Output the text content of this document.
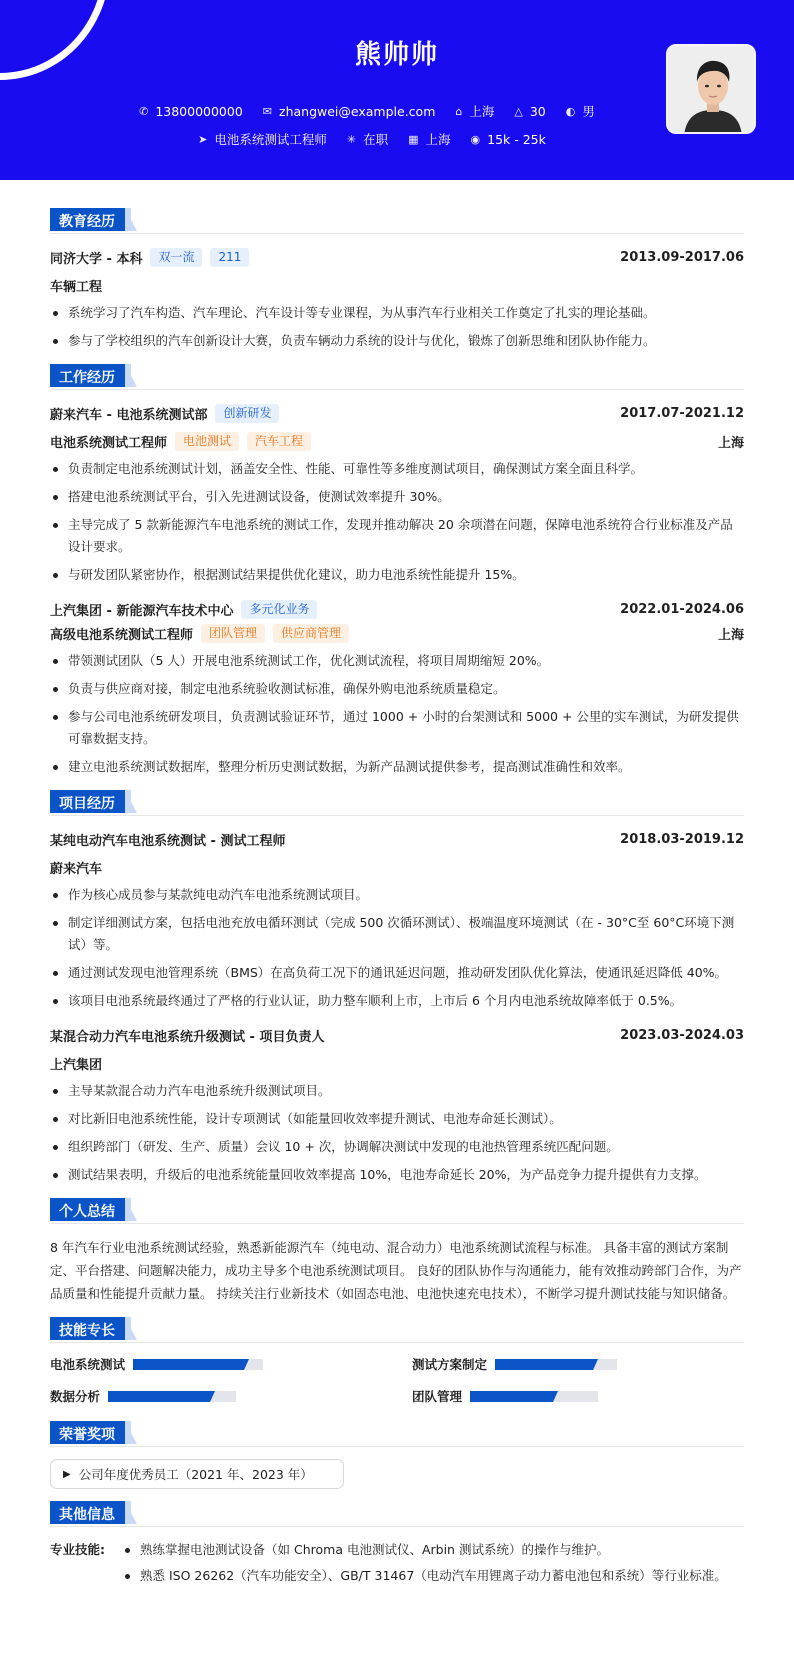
熊帅帅
✆ 13800000000 ✉ zhangwei@example.com ⌂ 上海 △ 30 ◐ 男
➤ 电池系统测试工程师 ✳ 在职 ▦ 上海 ◉ 15k - 25k
教育经历
同济大学 - 本科	双一流	211	2013.09-2017.06
车辆工程
系统学习了汽车构造、汽车理论、汽车设计等专业课程，为从事汽车行业相关工作奠定了扎实的理论基础。
参与了学校组织的汽车创新设计大赛，负责车辆动力系统的设计与优化，锻炼了创新思维和团队协作能力。
工作经历
蔚来汽车 - 电池系统测试部	创新研发	2017.07-2021.12
电池系统测试工程师	电池测试	汽车工程	上海
负责制定电池系统测试计划，涵盖安全性、性能、可靠性等多维度测试项目，确保测试方案全面且科学。
搭建电池系统测试平台，引入先进测试设备，使测试效率提升 30%。
主导完成了 5 款新能源汽车电池系统的测试工作，发现并推动解决 20 余项潜在问题，保障电池系统符合行业标准及产品设计要求。
与研发团队紧密协作，根据测试结果提供优化建议，助力电池系统性能提升 15%。
上汽集团 - 新能源汽车技术中心	多元化业务	2022.01-2024.06
高级电池系统测试工程师	团队管理	供应商管理	上海
带领测试团队（5 人）开展电池系统测试工作，优化测试流程，将项目周期缩短 20%。
负责与供应商对接，制定电池系统验收测试标准，确保外购电池系统质量稳定。
参与公司电池系统研发项目，负责测试验证环节，通过 1000 + 小时的台架测试和 5000 + 公里的实车测试，为研发提供可靠数据支持。
建立电池系统测试数据库，整理分析历史测试数据，为新产品测试提供参考，提高测试准确性和效率。
项目经历
某纯电动汽车电池系统测试 - 测试工程师	2018.03-2019.12
蔚来汽车
作为核心成员参与某款纯电动汽车电池系统测试项目。
制定详细测试方案，包括电池充放电循环测试（完成 500 次循环测试）、极端温度环境测试（在 - 30°C至 60°C环境下测试）等。
通过测试发现电池管理系统（BMS）在高负荷工况下的通讯延迟问题，推动研发团队优化算法，使通讯延迟降低 40%。
该项目电池系统最终通过了严格的行业认证，助力整车顺利上市，上市后 6 个月内电池系统故障率低于 0.5%。
某混合动力汽车电池系统升级测试 - 项目负责人	2023.03-2024.03
上汽集团
主导某款混合动力汽车电池系统升级测试项目。
对比新旧电池系统性能，设计专项测试（如能量回收效率提升测试、电池寿命延长测试）。
组织跨部门（研发、生产、质量）会议 10 + 次，协调解决测试中发现的电池热管理系统匹配问题。
测试结果表明，升级后的电池系统能量回收效率提高 10%，电池寿命延长 20%，为产品竞争力提升提供有力支撑。
个人总结

8 年汽车行业电池系统测试经验，熟悉新能源汽车（纯电动、混合动力）电池系统测试流程与标准。 具备丰富的测试方案制定、平台搭建、问题解决能力，成功主导多个电池系统测试项目。 良好的团队协作与沟通能力，能有效推动跨部门合作，为产品质量和性能提升贡献力量。 持续关注行业新技术（如固态电池、电池快速充电技术），不断学习提升测试技能与知识储备。

技能专长
电池系统测试	测试方案制定
数据分析	团队管理
荣誉奖项
▶ 公司年度优秀员工（2021 年、2023 年）
其他信息
专业技能:	熟练掌握电池测试设备（如 Chroma 电池测试仪、Arbin 测试系统）的操作与维护。
熟悉 ISO 26262（汽车功能安全）、GB/T 31467（电动汽车用锂离子动力蓄电池包和系统）等行业标准。
